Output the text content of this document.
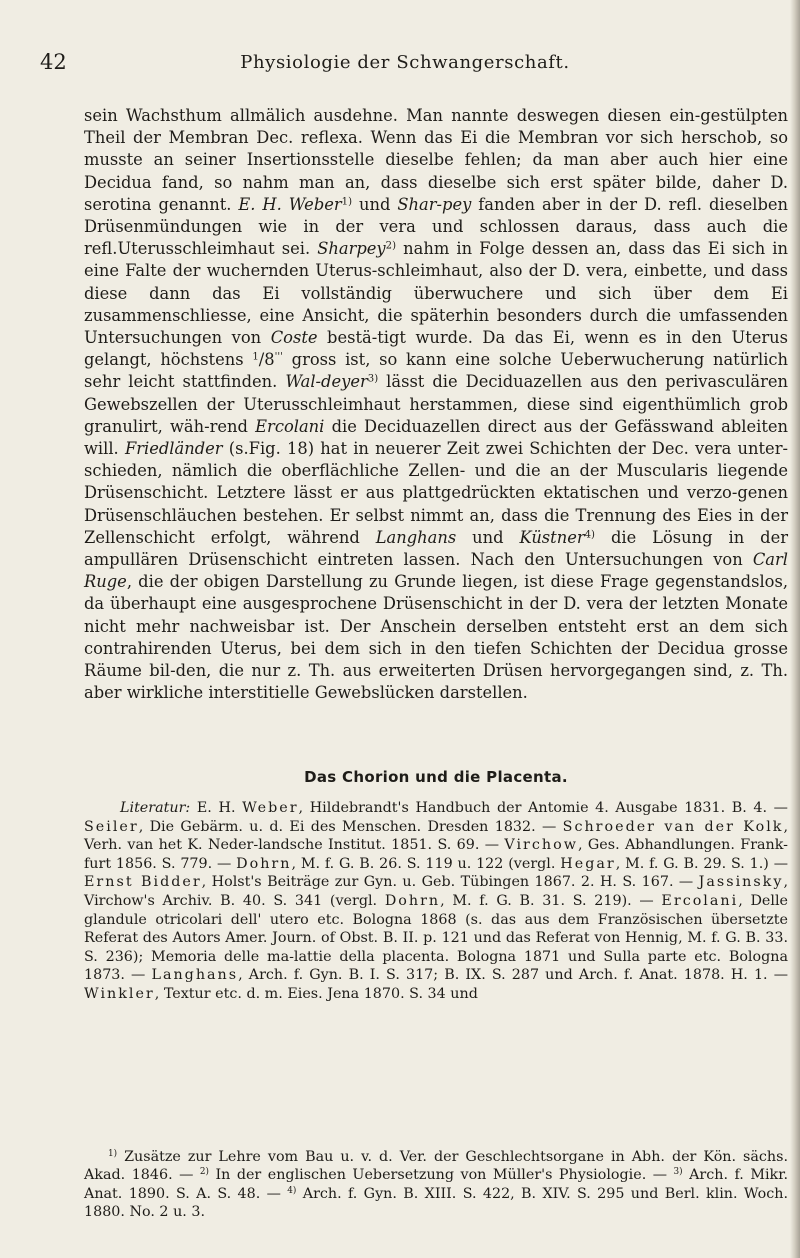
42	Physiologie der Schwangerschaft.

sein Wachsthum allmälich ausdehne. Man nannte deswegen diesen ein-gestülpten Theil der Membran Dec. reflexa. Wenn das Ei die Membran vor sich herschob, so musste an seiner Insertionsstelle dieselbe fehlen; da man aber auch hier eine Decidua fand, so nahm man an, dass dieselbe sich erst später bilde, daher D. serotina genannt. E. H. Weber$^{1)}$ und Shar-pey fanden aber in der D. refl. dieselben Drüsenmündungen wie in der vera und schlossen daraus, dass auch die refl.Uterusschleimhaut sei. Sharpey$^{2)}$ nahm in Folge dessen an, dass das Ei sich in eine Falte der wuchernden Uterus-schleimhaut, also der D. vera, einbette, und dass diese dann das Ei vollständig überwuchere und sich über dem Ei zusammenschliesse, eine Ansicht, die späterhin besonders durch die umfassenden Untersuchungen von Coste bestä-tigt wurde. Da das Ei, wenn es in den Uterus gelangt, höchstens $^1$/8''' gross ist, so kann eine solche Ueberwucherung natürlich sehr leicht stattfinden. Wal-deyer$^{3)}$ lässt die Deciduazellen aus den perivasculären Gewebszellen der Uterusschleimhaut herstammen, diese sind eigenthümlich grob granulirt, wäh-rend Ercolani die Deciduazellen direct aus der Gefässwand ableiten will. Friedländer (s.Fig. 18) hat in neuerer Zeit zwei Schichten der Dec. vera unter-schieden, nämlich die oberflächliche Zellen- und die an der Muscularis liegende Drüsenschicht. Letztere lässt er aus plattgedrückten ektatischen und verzo-genen Drüsenschläuchen bestehen. Er selbst nimmt an, dass die Trennung des Eies in der Zellenschicht erfolgt, während Langhans und Küstner$^{4)}$ die Lösung in der ampullären Drüsenschicht eintreten lassen. Nach den Untersuchungen von Carl Ruge, die der obigen Darstellung zu Grunde liegen, ist diese Frage gegenstandslos, da überhaupt eine ausgesprochene Drüsenschicht in der D. vera der letzten Monate nicht mehr nachweisbar ist. Der Anschein derselben entsteht erst an dem sich contrahirenden Uterus, bei dem sich in den tiefen Schichten der Decidua grosse Räume bil-den, die nur z. Th. aus erweiterten Drüsen hervorgegangen sind, z. Th. aber wirkliche interstitielle Gewebslücken darstellen.

Das Chorion und die Placenta.

Literatur: E. H. Weber, Hildebrandt's Handbuch der Antomie 4. Ausgabe 1831. B. 4. — Seiler, Die Gebärm. u. d. Ei des Menschen. Dresden 1832. — Schroeder van der Kolk, Verh. van het K. Neder-landsche Institut. 1851. S. 69. — Virchow, Ges. Abhandlungen. Frank-furt 1856. S. 779. — Dohrn, M. f. G. B. 26. S. 119 u. 122 (vergl. Hegar, M. f. G. B. 29. S. 1.) — Ernst Bidder, Holst's Beiträge zur Gyn. u. Geb. Tübingen 1867. 2. H. S. 167. — Jassinsky, Virchow's Archiv. B. 40. S. 341 (vergl. Dohrn, M. f. G. B. 31. S. 219). — Ercolani, Delle glandule otricolari dell' utero etc. Bologna 1868 (s. das aus dem Französischen übersetzte Referat des Autors Amer. Journ. of Obst. B. II. p. 121 und das Referat von Hennig, M. f. G. B. 33. S. 236); Memoria delle ma-lattie della placenta. Bologna 1871 und Sulla parte etc. Bologna 1873. — Langhans, Arch. f. Gyn. B. I. S. 317; B. IX. S. 287 und Arch. f. Anat. 1878. H. 1. — Winkler, Textur etc. d. m. Eies. Jena 1870. S. 34 und

$^{1)}$ Zusätze zur Lehre vom Bau u. v. d. Ver. der Geschlechtsorgane in Abh. der Kön. sächs. Akad. 1846. — $^{2)}$ In der englischen Uebersetzung von Müller's Physiologie. — $^{3)}$ Arch. f. Mikr. Anat. 1890. S. A. S. 48. — $^{4)}$ Arch. f. Gyn. B. XIII. S. 422, B. XIV. S. 295 und Berl. klin. Woch. 1880. No. 2 u. 3.
